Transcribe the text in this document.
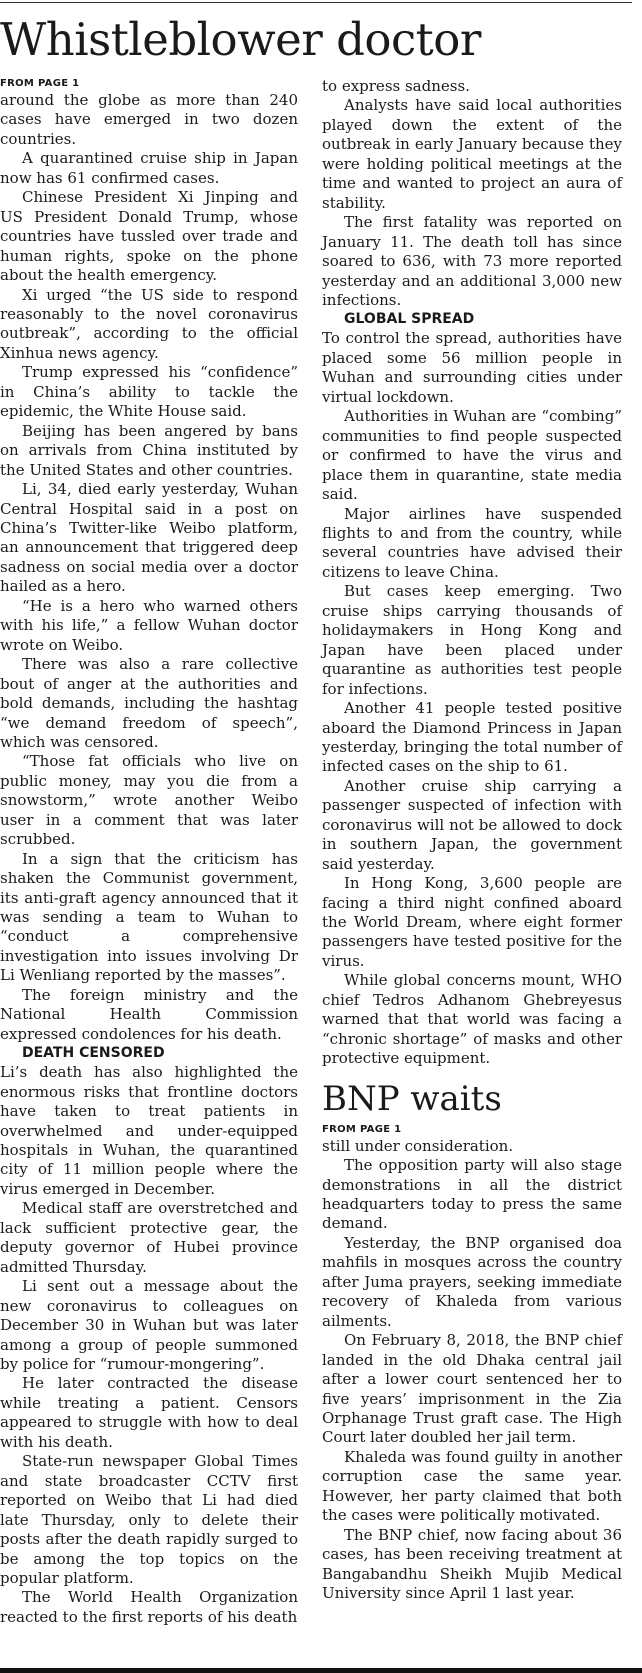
Whistleblower doctor

FROM PAGE 1

around the globe as more than 240 cases have emerged in two dozen countries.

A quarantined cruise ship in Japan now has 61 confirmed cases.

Chinese President Xi Jinping and US President Donald Trump, whose countries have tussled over trade and human rights, spoke on the phone about the health emergency.

Xi urged “the US side to respond reasonably to the novel coronavirus outbreak”, according to the official Xinhua news agency.

Trump expressed his “confidence” in China’s ability to tackle the epidemic, the White House said.

Beijing has been angered by bans on arrivals from China instituted by the United States and other countries.

Li, 34, died early yesterday, Wuhan Central Hospital said in a post on China’s Twitter-like Weibo platform, an announcement that triggered deep sadness on social media over a doctor hailed as a hero.

“He is a hero who warned others with his life,” a fellow Wuhan doctor wrote on Weibo.

There was also a rare collective bout of anger at the authorities and bold demands, including the hashtag “we demand freedom of speech”, which was censored.

“Those fat officials who live on public money, may you die from a snowstorm,” wrote another Weibo user in a comment that was later scrubbed.

In a sign that the criticism has shaken the Communist government, its anti-graft agency announced that it was sending a team to Wuhan to “conduct a comprehensive investigation into issues involving Dr Li Wenliang reported by the masses”.

The foreign ministry and the National Health Commission expressed condolences for his death.

DEATH CENSORED

Li’s death has also highlighted the enormous risks that frontline doctors have taken to treat patients in overwhelmed and under-equipped hospitals in Wuhan, the quarantined city of 11 million people where the virus emerged in December.

Medical staff are overstretched and lack sufficient protective gear, the deputy governor of Hubei province admitted Thursday.

Li sent out a message about the new coronavirus to colleagues on December 30 in Wuhan but was later among a group of people summoned by police for “rumour-mongering”.

He later contracted the disease while treating a patient. Censors appeared to struggle with how to deal with his death.

State-run newspaper Global Times and state broadcaster CCTV first reported on Weibo that Li had died late Thursday, only to delete their posts after the death rapidly surged to be among the top topics on the popular platform.

The World Health Organization reacted to the first reports of his death

to express sadness.

Analysts have said local authorities played down the extent of the outbreak in early January because they were holding political meetings at the time and wanted to project an aura of stability.

The first fatality was reported on January 11. The death toll has since soared to 636, with 73 more reported yesterday and an additional 3,000 new infections.

GLOBAL SPREAD

To control the spread, authorities have placed some 56 million people in Wuhan and surrounding cities under virtual lockdown.

Authorities in Wuhan are “combing” communities to find people suspected or confirmed to have the virus and place them in quarantine, state media said.

Major airlines have suspended flights to and from the country, while several countries have advised their citizens to leave China.

But cases keep emerging. Two cruise ships carrying thousands of holidaymakers in Hong Kong and Japan have been placed under quarantine as authorities test people for infections.

Another 41 people tested positive aboard the Diamond Princess in Japan yesterday, bringing the total number of infected cases on the ship to 61.

Another cruise ship carrying a passenger suspected of infection with coronavirus will not be allowed to dock in southern Japan, the government said yesterday.

In Hong Kong, 3,600 people are facing a third night confined aboard the World Dream, where eight former passengers have tested positive for the virus.

While global concerns mount, WHO chief Tedros Adhanom Ghebreyesus warned that that world was facing a “chronic shortage” of masks and other protective equipment.

BNP waits

FROM PAGE 1

still under consideration.

The opposition party will also stage demonstrations in all the district headquarters today to press the same demand.

Yesterday, the BNP organised doa mahfils in mosques across the country after Juma prayers, seeking immediate recovery of Khaleda from various ailments.

On February 8, 2018, the BNP chief landed in the old Dhaka central jail after a lower court sentenced her to five years’ imprisonment in the Zia Orphanage Trust graft case. The High Court later doubled her jail term.

Khaleda was found guilty in another corruption case the same year. However, her party claimed that both the cases were politically motivated.

The BNP chief, now facing about 36 cases, has been receiving treatment at Bangabandhu Sheikh Mujib Medical University since April 1 last year.
